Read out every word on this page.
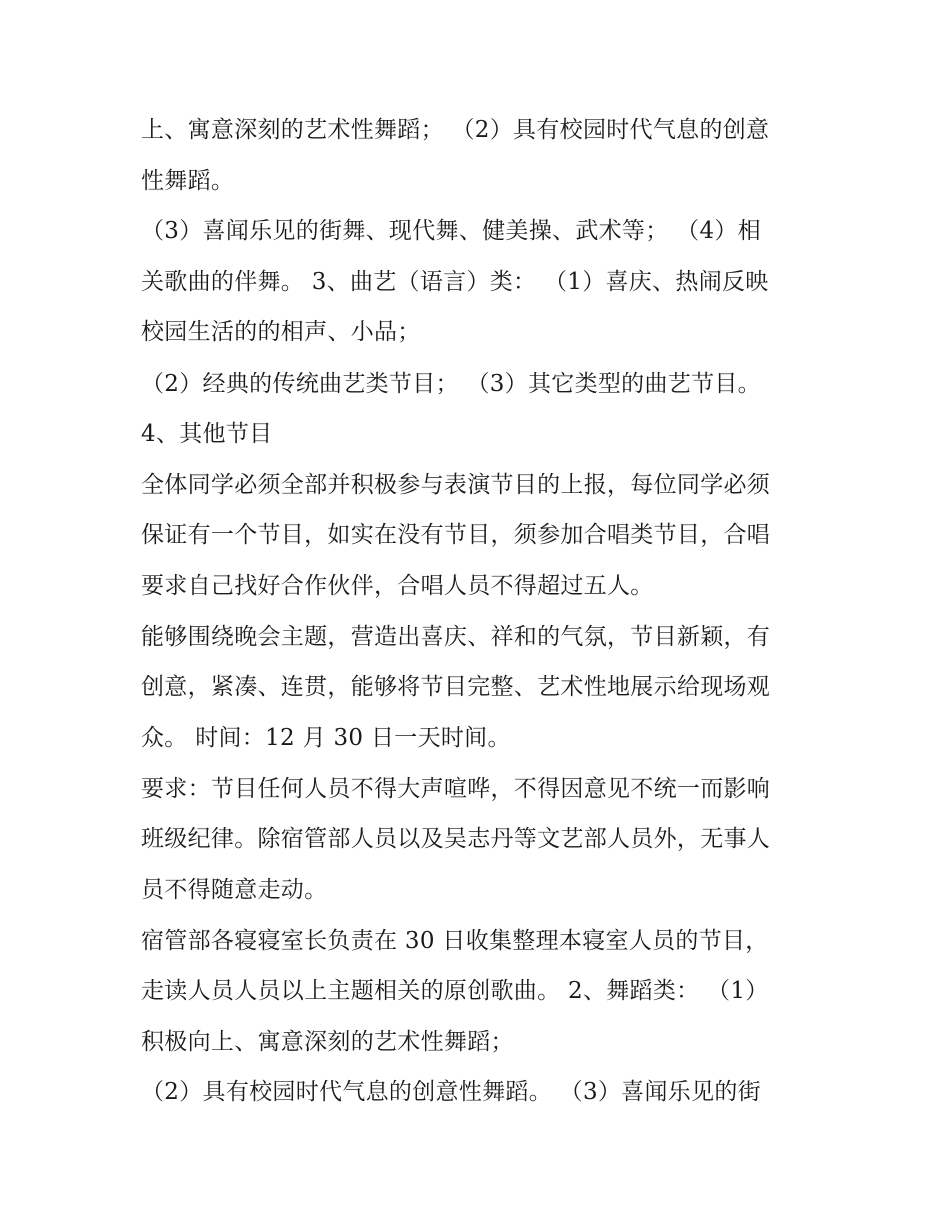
上、寓意深刻的艺术性舞蹈； （2）具有校园时代气息的创意
性舞蹈。
（3）喜闻乐见的街舞、现代舞、健美操、武术等； （4）相
关歌曲的伴舞。 3、曲艺（语言）类： （1）喜庆、热闹反映
校园生活的的相声、小品；
（2）经典的传统曲艺类节目； （3）其它类型的曲艺节目。
4、其他节目
全体同学必须全部并积极参与表演节目的上报，每位同学必须
保证有一个节目，如实在没有节目，须参加合唱类节目，合唱
要求自己找好合作伙伴，合唱人员不得超过五人。
能够围绕晚会主题，营造出喜庆、祥和的气氛，节目新颖，有
创意，紧凑、连贯，能够将节目完整、艺术性地展示给现场观
众。 时间：12 月 30 日一天时间。
要求：节目任何人员不得大声喧哗，不得因意见不统一而影响
班级纪律。除宿管部人员以及吴志丹等文艺部人员外，无事人
员不得随意走动。
宿管部各寝寝室长负责在 30 日收集整理本寝室人员的节目，
走读人员人员以上主题相关的原创歌曲。 2、舞蹈类： （1）
积极向上、寓意深刻的艺术性舞蹈；
（2）具有校园时代气息的创意性舞蹈。 （3）喜闻乐见的街
